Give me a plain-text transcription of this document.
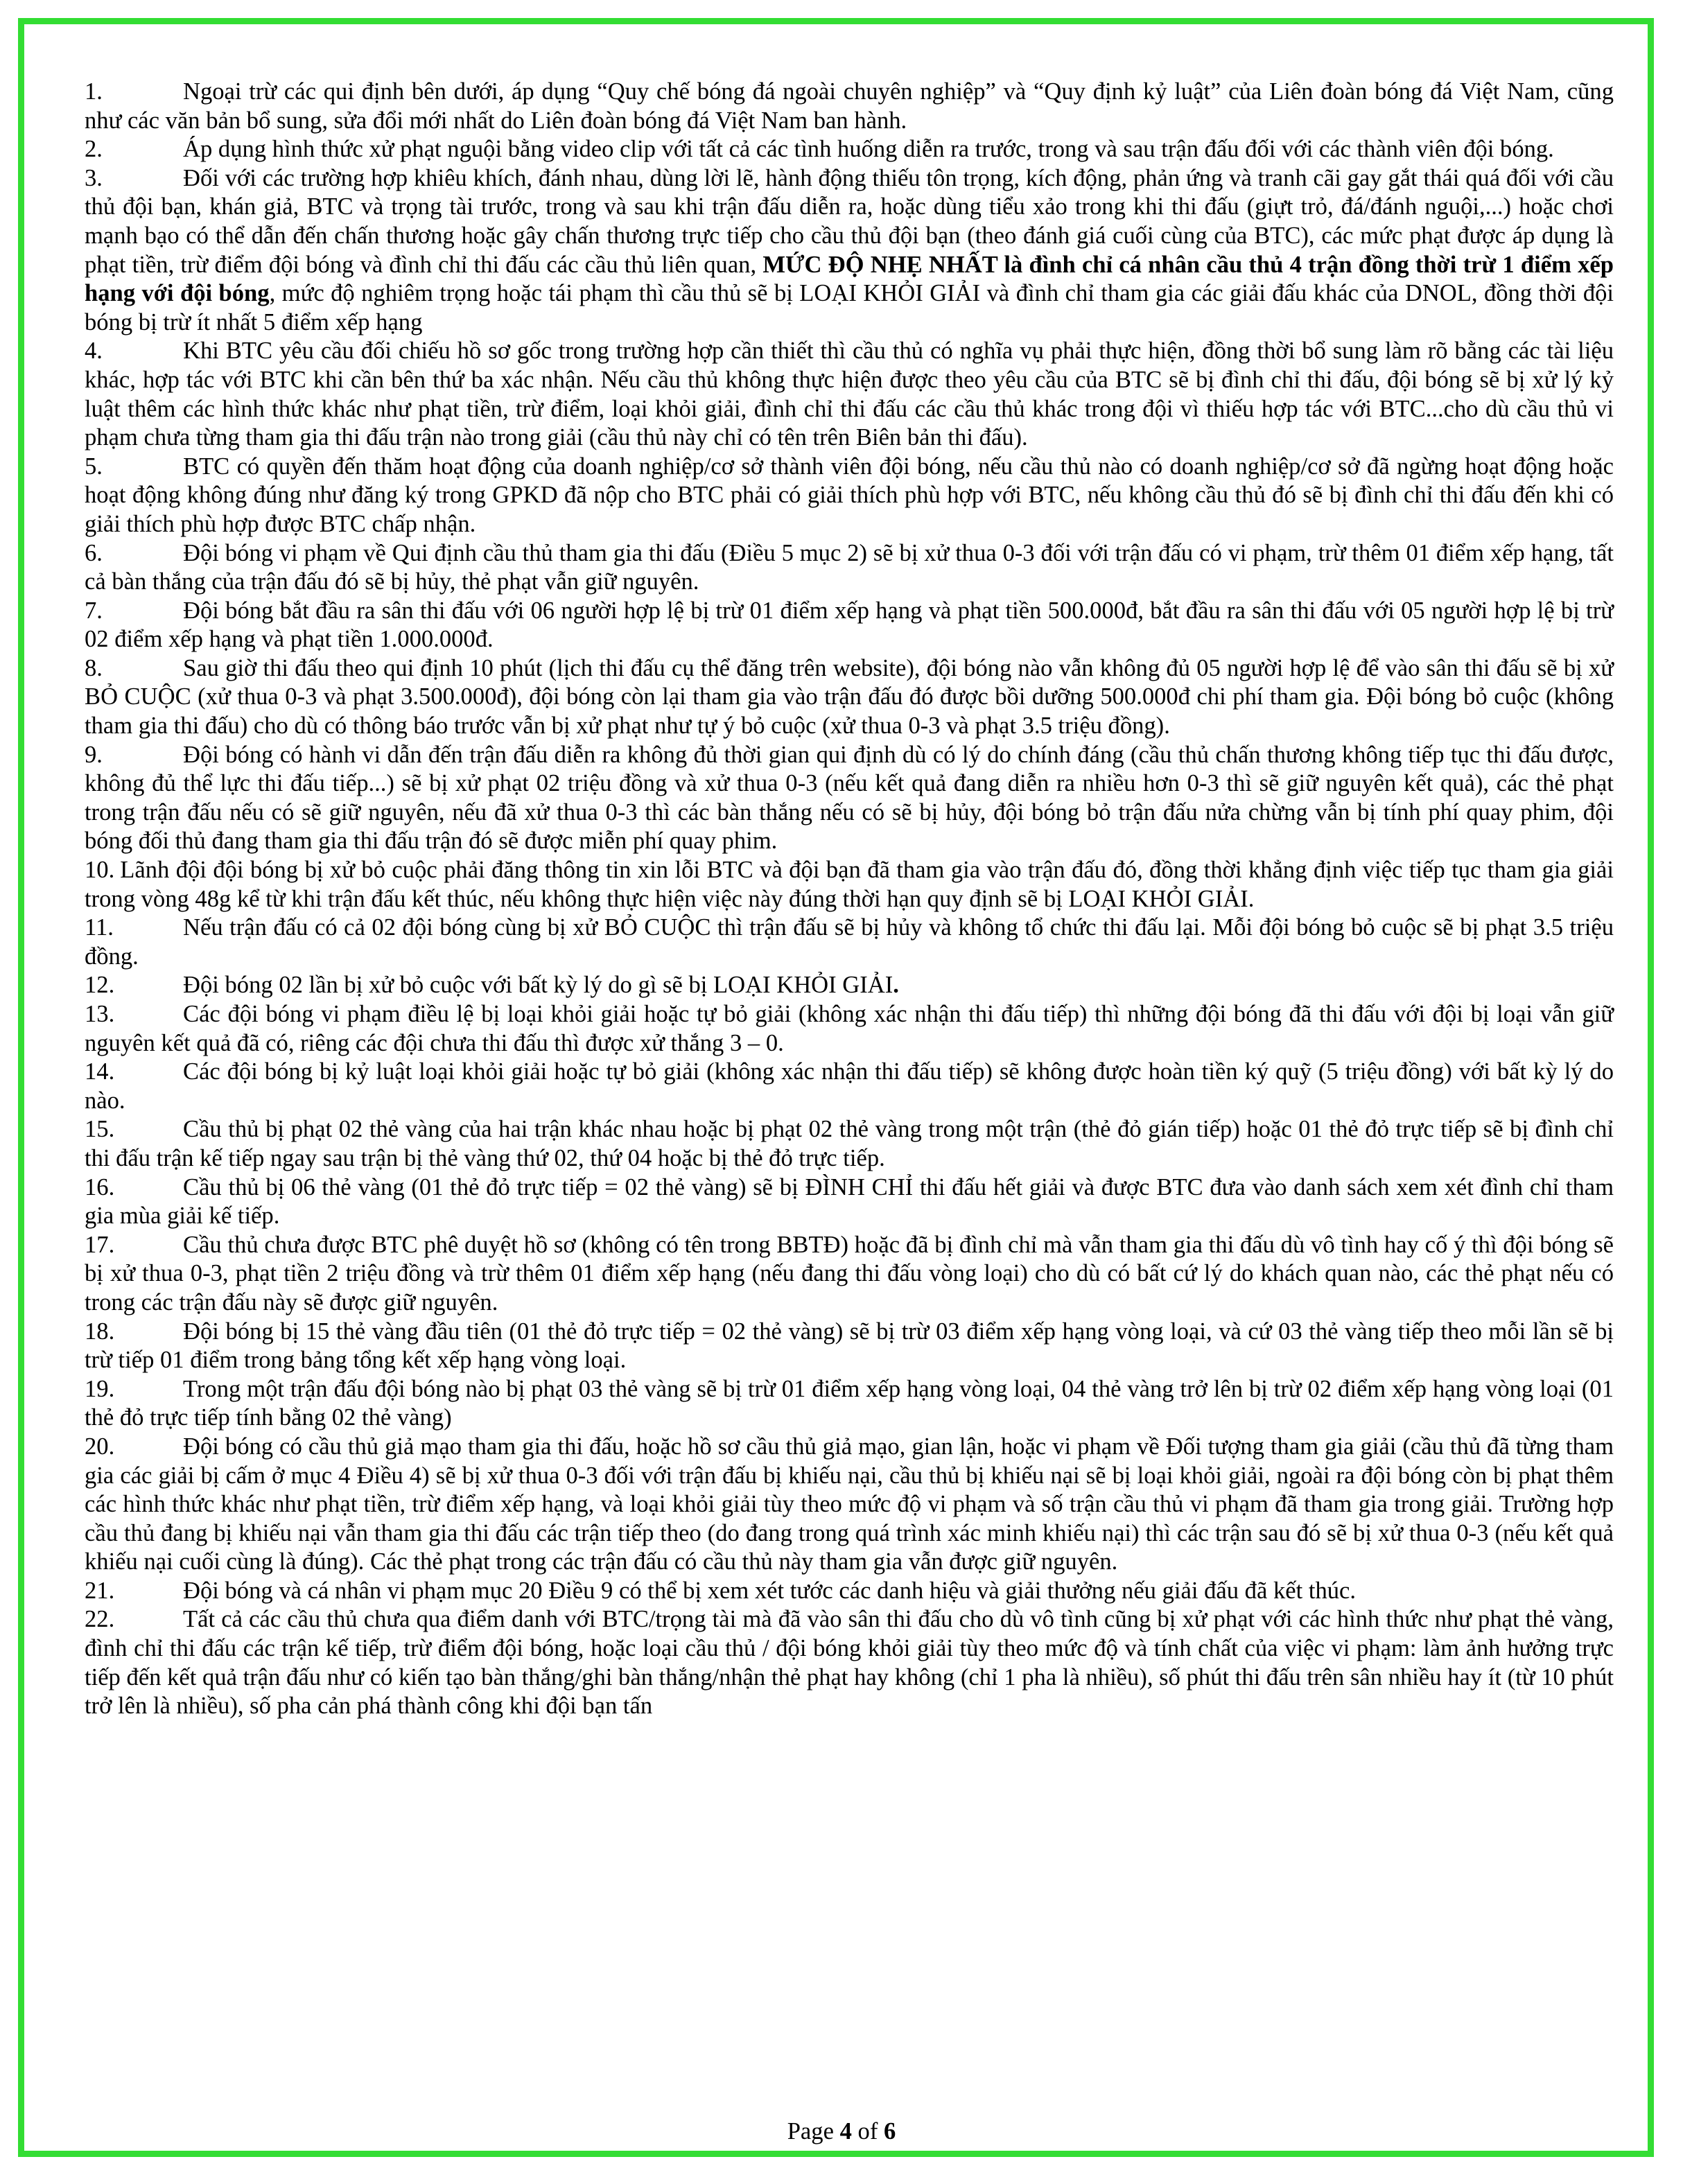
1.	Ngoại trừ các qui định bên dưới, áp dụng “Quy chế bóng đá ngoài chuyên nghiệp” và “Quy định kỷ luật” của Liên đoàn bóng đá Việt Nam, cũng như các văn bản bổ sung, sửa đổi mới nhất do Liên đoàn bóng đá Việt Nam ban hành.

2.	Áp dụng hình thức xử phạt nguội bằng video clip với tất cả các tình huống diễn ra trước, trong và sau trận đấu đối với các thành viên đội bóng.

3.	Đối với các trường hợp khiêu khích, đánh nhau, dùng lời lẽ, hành động thiếu tôn trọng, kích động, phản ứng và tranh cãi gay gắt thái quá đối với cầu thủ đội bạn, khán giả, BTC và trọng tài trước, trong và sau khi trận đấu diễn ra, hoặc dùng tiểu xảo trong khi thi đấu (giựt trỏ, đá/đánh nguội,...) hoặc chơi mạnh bạo có thể dẫn đến chấn thương hoặc gây chấn thương trực tiếp cho cầu thủ đội bạn (theo đánh giá cuối cùng của BTC), các mức phạt được áp dụng là phạt tiền, trừ điểm đội bóng và đình chỉ thi đấu các cầu thủ liên quan, MỨC ĐỘ NHẸ NHẤT là đình chỉ cá nhân cầu thủ 4 trận đồng thời trừ 1 điểm xếp hạng với đội bóng, mức độ nghiêm trọng hoặc tái phạm thì cầu thủ sẽ bị LOẠI KHỎI GIẢI và đình chỉ tham gia các giải đấu khác của DNOL, đồng thời đội bóng bị trừ ít nhất 5 điểm xếp hạng

4.	Khi BTC yêu cầu đối chiếu hồ sơ gốc trong trường hợp cần thiết thì cầu thủ có nghĩa vụ phải thực hiện, đồng thời bổ sung làm rõ bằng các tài liệu khác, hợp tác với BTC khi cần bên thứ ba xác nhận. Nếu cầu thủ không thực hiện được theo yêu cầu của BTC sẽ bị đình chỉ thi đấu, đội bóng sẽ bị xử lý kỷ luật thêm các hình thức khác như phạt tiền, trừ điểm, loại khỏi giải, đình chỉ thi đấu các cầu thủ khác trong đội vì thiếu hợp tác với BTC...cho dù cầu thủ vi phạm chưa từng tham gia thi đấu trận nào trong giải (cầu thủ này chỉ có tên trên Biên bản thi đấu).

5.	BTC có quyền đến thăm hoạt động của doanh nghiệp/cơ sở thành viên đội bóng, nếu cầu thủ nào có doanh nghiệp/cơ sở đã ngừng hoạt động hoặc hoạt động không đúng như đăng ký trong GPKD đã nộp cho BTC phải có giải thích phù hợp với BTC, nếu không cầu thủ đó sẽ bị đình chỉ thi đấu đến khi có giải thích phù hợp được BTC chấp nhận.

6.	Đội bóng vi phạm về Qui định cầu thủ tham gia thi đấu (Điều 5 mục 2) sẽ bị xử thua 0-3 đối với trận đấu có vi phạm, trừ thêm 01 điểm xếp hạng, tất cả bàn thắng của trận đấu đó sẽ bị hủy, thẻ phạt vẫn giữ nguyên.

7.	Đội bóng bắt đầu ra sân thi đấu với 06 người hợp lệ bị trừ 01 điểm xếp hạng và phạt tiền 500.000đ, bắt đầu ra sân thi đấu với 05 người hợp lệ bị trừ 02 điểm xếp hạng và phạt tiền 1.000.000đ.

8.	Sau giờ thi đấu theo qui định 10 phút (lịch thi đấu cụ thể đăng trên website), đội bóng nào vẫn không đủ 05 người hợp lệ để vào sân thi đấu sẽ bị xử BỎ CUỘC (xử thua 0-3 và phạt 3.500.000đ), đội bóng còn lại tham gia vào trận đấu đó được bồi dưỡng 500.000đ chi phí tham gia. Đội bóng bỏ cuộc (không tham gia thi đấu) cho dù có thông báo trước vẫn bị xử phạt như tự ý bỏ cuộc (xử thua 0-3 và phạt 3.5 triệu đồng).

9.	Đội bóng có hành vi dẫn đến trận đấu diễn ra không đủ thời gian qui định dù có lý do chính đáng (cầu thủ chấn thương không tiếp tục thi đấu được, không đủ thể lực thi đấu tiếp...) sẽ bị xử phạt 02 triệu đồng và xử thua 0-3 (nếu kết quả đang diễn ra nhiều hơn 0-3 thì sẽ giữ nguyên kết quả), các thẻ phạt trong trận đấu nếu có sẽ giữ nguyên, nếu đã xử thua 0-3 thì các bàn thắng nếu có sẽ bị hủy, đội bóng bỏ trận đấu nửa chừng vẫn bị tính phí quay phim, đội bóng đối thủ đang tham gia thi đấu trận đó sẽ được miễn phí quay phim.

10. Lãnh đội đội bóng bị xử bỏ cuộc phải đăng thông tin xin lỗi BTC và đội bạn đã tham gia vào trận đấu đó, đồng thời khẳng định việc tiếp tục tham gia giải trong vòng 48g kể từ khi trận đấu kết thúc, nếu không thực hiện việc này đúng thời hạn quy định sẽ bị LOẠI KHỎI GIẢI.

11.	Nếu trận đấu có cả 02 đội bóng cùng bị xử BỎ CUỘC thì trận đấu sẽ bị hủy và không tổ chức thi đấu lại. Mỗi đội bóng bỏ cuộc sẽ bị phạt 3.5 triệu đồng.

12.	Đội bóng 02 lần bị xử bỏ cuộc với bất kỳ lý do gì sẽ bị LOẠI KHỎI GIẢI.

13.	Các đội bóng vi phạm điều lệ bị loại khỏi giải hoặc tự bỏ giải (không xác nhận thi đấu tiếp) thì những đội bóng đã thi đấu với đội bị loại vẫn giữ nguyên kết quả đã có, riêng các đội chưa thi đấu thì được xử thắng 3 – 0.

14.	Các đội bóng bị kỷ luật loại khỏi giải hoặc tự bỏ giải (không xác nhận thi đấu tiếp) sẽ không được hoàn tiền ký quỹ (5 triệu đồng) với bất kỳ lý do nào.

15.	Cầu thủ bị phạt 02 thẻ vàng của hai trận khác nhau hoặc bị phạt 02 thẻ vàng trong một trận (thẻ đỏ gián tiếp) hoặc 01 thẻ đỏ trực tiếp sẽ bị đình chỉ thi đấu trận kế tiếp ngay sau trận bị thẻ vàng thứ 02, thứ 04 hoặc bị thẻ đỏ trực tiếp.

16.	Cầu thủ bị 06 thẻ vàng (01 thẻ đỏ trực tiếp = 02 thẻ vàng) sẽ bị ĐÌNH CHỈ thi đấu hết giải và được BTC đưa vào danh sách xem xét đình chỉ tham gia mùa giải kế tiếp.

17.	Cầu thủ chưa được BTC phê duyệt hồ sơ (không có tên trong BBTĐ) hoặc đã bị đình chỉ mà vẫn tham gia thi đấu dù vô tình hay cố ý thì đội bóng sẽ bị xử thua 0-3, phạt tiền 2 triệu đồng và trừ thêm 01 điểm xếp hạng (nếu đang thi đấu vòng loại) cho dù có bất cứ lý do khách quan nào, các thẻ phạt nếu có trong các trận đấu này sẽ được giữ nguyên.

18.	Đội bóng bị 15 thẻ vàng đầu tiên (01 thẻ đỏ trực tiếp = 02 thẻ vàng) sẽ bị trừ 03 điểm xếp hạng vòng loại, và cứ 03 thẻ vàng tiếp theo mỗi lần sẽ bị trừ tiếp 01 điểm trong bảng tổng kết xếp hạng vòng loại.

19.	Trong một trận đấu đội bóng nào bị phạt 03 thẻ vàng sẽ bị trừ 01 điểm xếp hạng vòng loại, 04 thẻ vàng trở lên bị trừ 02 điểm xếp hạng vòng loại (01 thẻ đỏ trực tiếp tính bằng 02 thẻ vàng)

20.	Đội bóng có cầu thủ giả mạo tham gia thi đấu, hoặc hồ sơ cầu thủ giả mạo, gian lận, hoặc vi phạm về Đối tượng tham gia giải (cầu thủ đã từng tham gia các giải bị cấm ở mục 4 Điều 4) sẽ bị xử thua 0-3 đối với trận đấu bị khiếu nại, cầu thủ bị khiếu nại sẽ bị loại khỏi giải, ngoài ra đội bóng còn bị phạt thêm các hình thức khác như phạt tiền, trừ điểm xếp hạng, và loại khỏi giải tùy theo mức độ vi phạm và số trận cầu thủ vi phạm đã tham gia trong giải. Trường hợp cầu thủ đang bị khiếu nại vẫn tham gia thi đấu các trận tiếp theo (do đang trong quá trình xác minh khiếu nại) thì các trận sau đó sẽ bị xử thua 0-3 (nếu kết quả khiếu nại cuối cùng là đúng). Các thẻ phạt trong các trận đấu có cầu thủ này tham gia vẫn được giữ nguyên.

21.	Đội bóng và cá nhân vi phạm mục 20 Điều 9 có thể bị xem xét tước các danh hiệu và giải thưởng nếu giải đấu đã kết thúc.

22.	Tất cả các cầu thủ chưa qua điểm danh với BTC/trọng tài mà đã vào sân thi đấu cho dù vô tình cũng bị xử phạt với các hình thức như phạt thẻ vàng, đình chỉ thi đấu các trận kế tiếp, trừ điểm đội bóng, hoặc loại cầu thủ / đội bóng khỏi giải tùy theo mức độ và tính chất của việc vi phạm: làm ảnh hưởng trực tiếp đến kết quả trận đấu như có kiến tạo bàn thắng/ghi bàn thắng/nhận thẻ phạt hay không (chỉ 1 pha là nhiều), số phút thi đấu trên sân nhiều hay ít (từ 10 phút trở lên là nhiều), số pha cản phá thành công khi đội bạn tấn

Page 4 of 6
